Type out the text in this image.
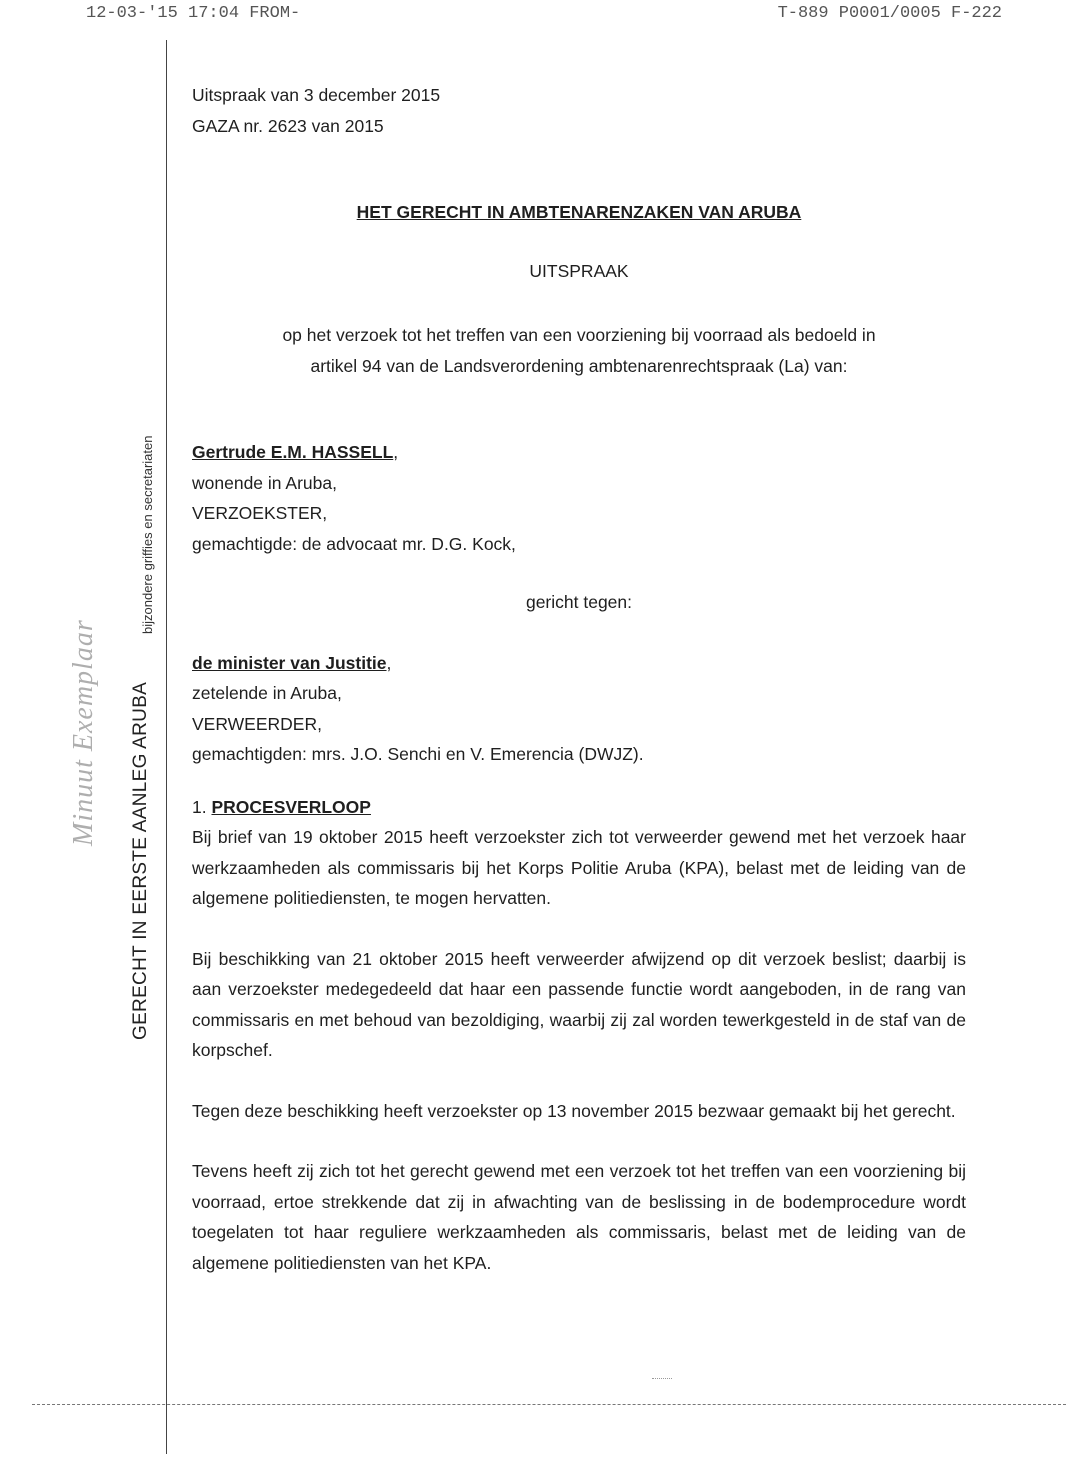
12-03-'15 17:04 FROM-	T-889 P0001/0005 F-222
GERECHT IN EERSTE AANLEG ARUBA
bijzondere griffies en secretariaten
Minuut Exemplaar
Uitspraak van 3 december 2015
GAZA nr. 2623 van 2015
HET GERECHT IN AMBTENARENZAKEN VAN ARUBA
UITSPRAAK
op het verzoek tot het treffen van een voorziening bij voorraad als bedoeld in
artikel 94 van de Landsverordening ambtenarenrechtspraak (La) van:
Gertrude E.M. HASSELL,
wonende in Aruba,
VERZOEKSTER,
gemachtigde: de advocaat mr. D.G. Kock,
gericht tegen:
de minister van Justitie,
zetelende in Aruba,
VERWEERDER,
gemachtigden: mrs. J.O. Senchi en V. Emerencia (DWJZ).
1. PROCESVERLOOP

Bij brief van 19 oktober 2015 heeft verzoekster zich tot verweerder gewend met het verzoek haar werkzaamheden als commissaris bij het Korps Politie Aruba (KPA), belast met de leiding van de algemene politiediensten, te mogen hervatten.

Bij beschikking van 21 oktober 2015 heeft verweerder afwijzend op dit verzoek beslist; daarbij is aan verzoekster medegedeeld dat haar een passende functie wordt aangeboden, in de rang van commissaris en met behoud van bezoldiging, waarbij zij zal worden tewerkgesteld in de staf van de korpschef.

Tegen deze beschikking heeft verzoekster op 13 november 2015 bezwaar gemaakt bij het gerecht.

Tevens heeft zij zich tot het gerecht gewend met een verzoek tot het treffen van een voorziening bij voorraad, ertoe strekkende dat zij in afwachting van de beslissing in de bodemprocedure wordt toegelaten tot haar reguliere werkzaamheden als commissaris, belast met de leiding van de algemene politiediensten van het KPA.
